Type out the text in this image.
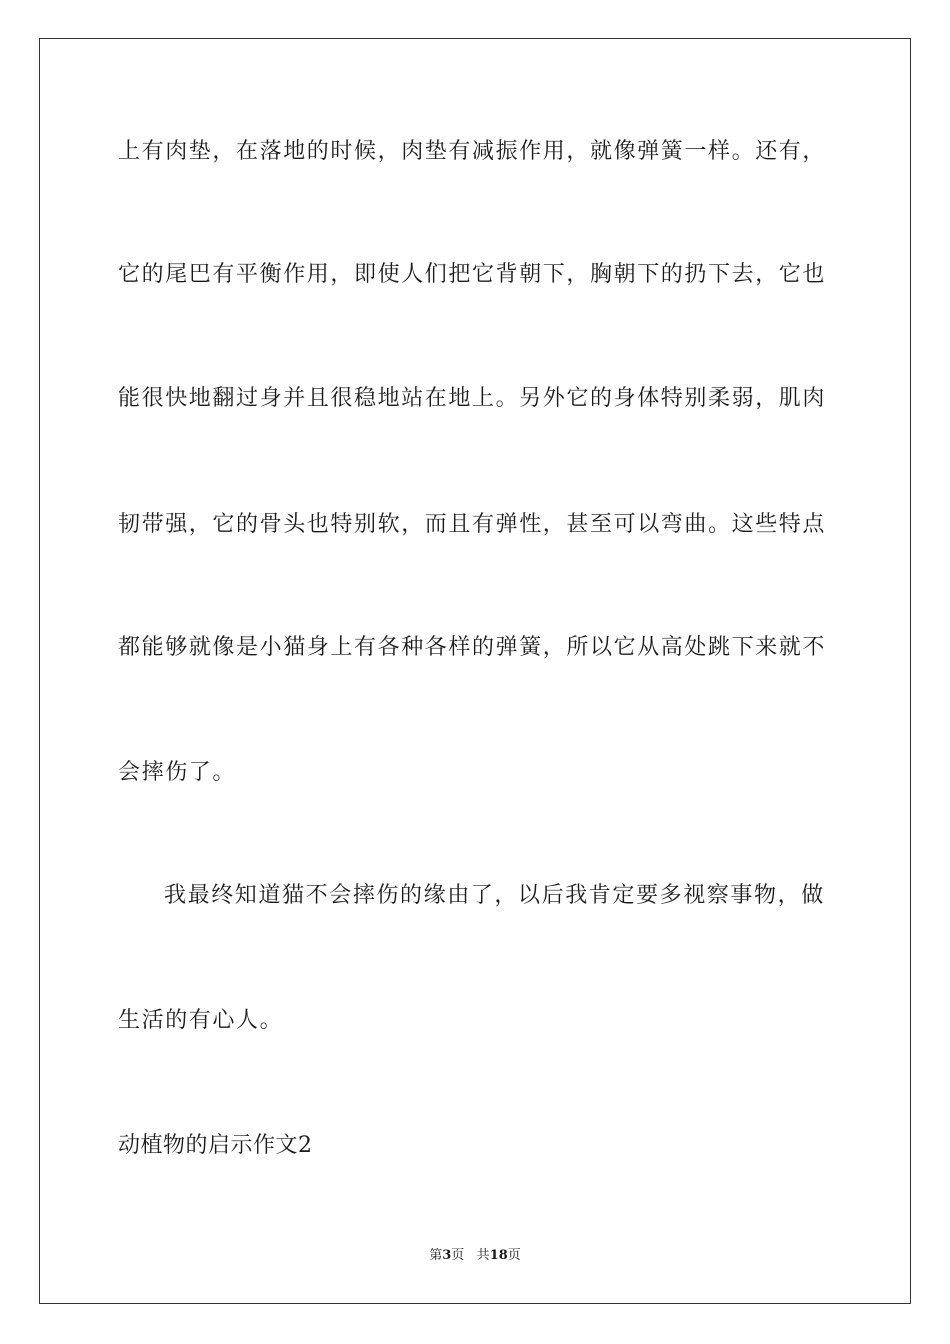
上有肉垫，在落地的时候，肉垫有减振作用，就像弹簧一样。还有，
它的尾巴有平衡作用，即使人们把它背朝下，胸朝下的扔下去，它也
能很快地翻过身并且很稳地站在地上。另外它的身体特别柔弱，肌肉
韧带强，它的骨头也特别软，而且有弹性，甚至可以弯曲。这些特点
都能够就像是小猫身上有各种各样的弹簧，所以它从高处跳下来就不
会摔伤了。
我最终知道猫不会摔伤的缘由了，以后我肯定要多视察事物，做
生活的有心人。
动植物的启示作文2
第3页 共18页
